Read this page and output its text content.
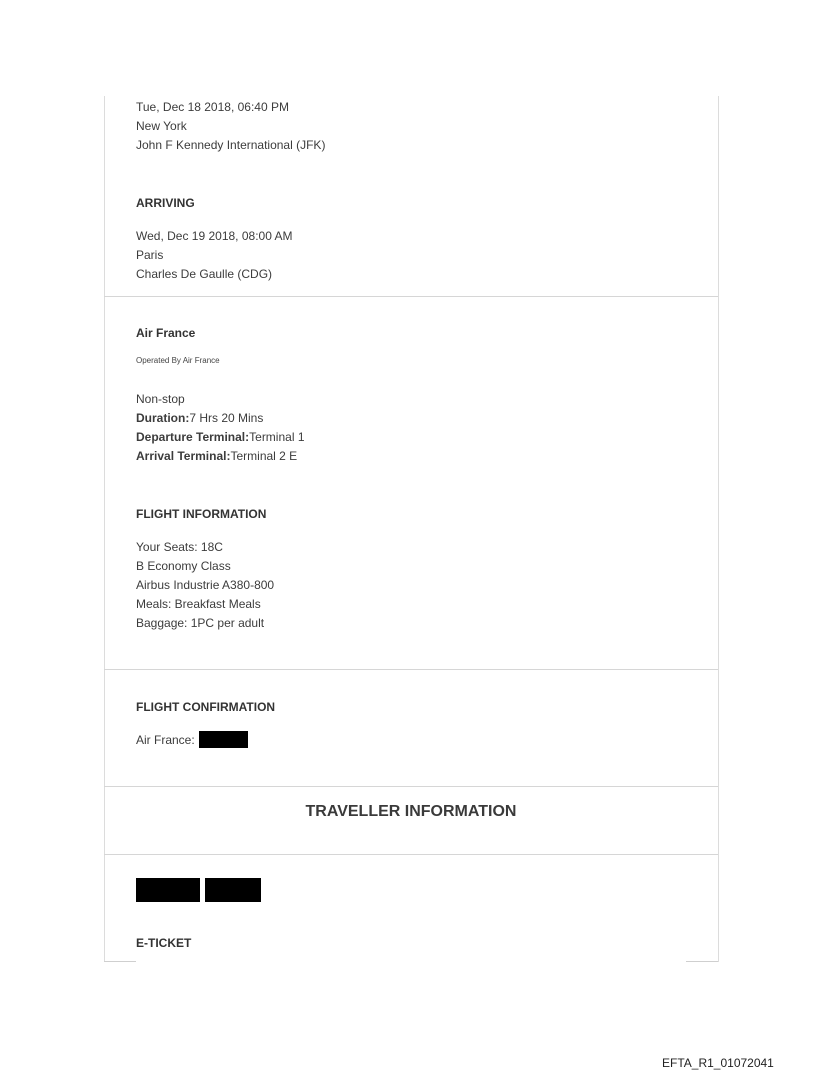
Tue, Dec 18 2018, 06:40 PM
New York
John F Kennedy International (JFK)
ARRIVING
Wed, Dec 19 2018, 08:00 AM
Paris
Charles De Gaulle (CDG)
Air France
Operated By Air France
Non-stop
Duration:7 Hrs 20 Mins
Departure Terminal:Terminal 1
Arrival Terminal:Terminal 2 E
FLIGHT INFORMATION
Your Seats: 18C
B Economy Class
Airbus Industrie A380-800
Meals: Breakfast Meals
Baggage: 1PC per adult
FLIGHT CONFIRMATION
Air France:
TRAVELLER INFORMATION
E-TICKET
EFTA_R1_01072041
